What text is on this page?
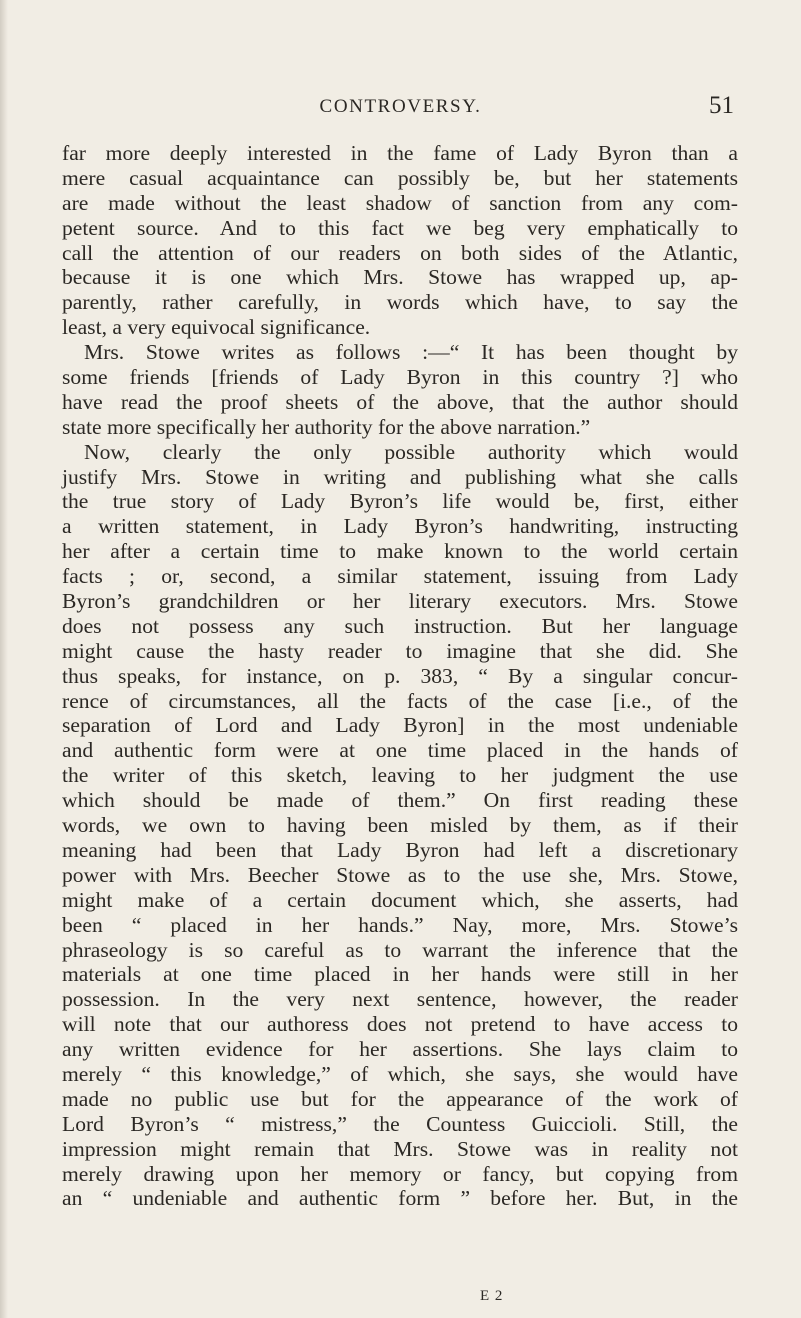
CONTROVERSY.	51
far more deeply interested in the fame of Lady Byron than a
mere casual acquaintance can possibly be, but her statements
are made without the least shadow of sanction from any com-
petent source. And to this fact we beg very emphatically to
call the attention of our readers on both sides of the Atlantic,
because it is one which Mrs. Stowe has wrapped up, ap-
parently, rather carefully, in words which have, to say the
least, a very equivocal significance.
Mrs. Stowe writes as follows :—“ It has been thought by
some friends [friends of Lady Byron in this country ?] who
have read the proof sheets of the above, that the author should
state more specifically her authority for the above narration.”
Now, clearly the only possible authority which would
justify Mrs. Stowe in writing and publishing what she calls
the true story of Lady Byron’s life would be, first, either
a written statement, in Lady Byron’s handwriting, instructing
her after a certain time to make known to the world certain
facts ; or, second, a similar statement, issuing from Lady
Byron’s grandchildren or her literary executors. Mrs. Stowe
does not possess any such instruction. But her language
might cause the hasty reader to imagine that she did. She
thus speaks, for instance, on p. 383, “ By a singular concur-
rence of circumstances, all the facts of the case [i.e., of the
separation of Lord and Lady Byron] in the most undeniable
and authentic form were at one time placed in the hands of
the writer of this sketch, leaving to her judgment the use
which should be made of them.” On first reading these
words, we own to having been misled by them, as if their
meaning had been that Lady Byron had left a discretionary
power with Mrs. Beecher Stowe as to the use she, Mrs. Stowe,
might make of a certain document which, she asserts, had
been “ placed in her hands.” Nay, more, Mrs. Stowe’s
phraseology is so careful as to warrant the inference that the
materials at one time placed in her hands were still in her
possession. In the very next sentence, however, the reader
will note that our authoress does not pretend to have access to
any written evidence for her assertions. She lays claim to
merely “ this knowledge,” of which, she says, she would have
made no public use but for the appearance of the work of
Lord Byron’s “ mistress,” the Countess Guiccioli. Still, the
impression might remain that Mrs. Stowe was in reality not
merely drawing upon her memory or fancy, but copying from
an “ undeniable and authentic form ” before her. But, in the
E 2
